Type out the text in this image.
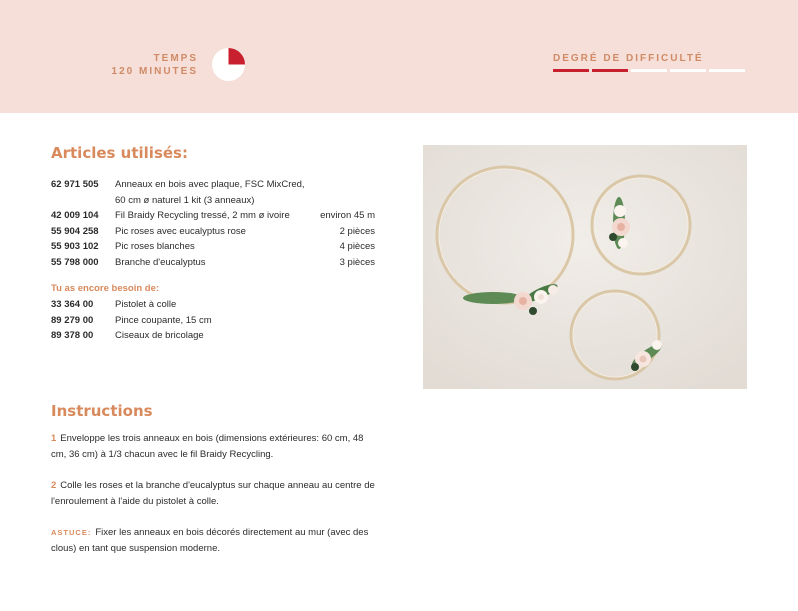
TEMPS
120 MINUTES
DEGRÉ DE DIFFICULTÉ
Articles utilisés:
62 971 505	Anneaux en bois avec plaque, FSC MixCred,
60 cm ø naturel 1 kit (3 anneaux)
42 009 104	Fil Braidy Recycling tressé, 2 mm ø ivoire	environ 45 m
55 904 258	Pic roses avec eucalyptus rose	2 pièces
55 903 102	Pic roses blanches	4 pièces
55 798 000	Branche d'eucalyptus	3 pièces
Tu as encore besoin de:
33 364 00	Pistolet à colle
89 279 00	Pince coupante, 15 cm
89 378 00	Ciseaux de bricolage
Instructions
1 Enveloppe les trois anneaux en bois (dimensions extérieures: 60 cm, 48 cm, 36 cm) à 1/3 chacun avec le fil Braidy Recycling.
2 Colle les roses et la branche d'eucalyptus sur chaque anneau au centre de l'enroulement à l'aide du pistolet à colle.
ASTUCE: Fixer les anneaux en bois décorés directement au mur (avec des clous) en tant que suspension moderne.
